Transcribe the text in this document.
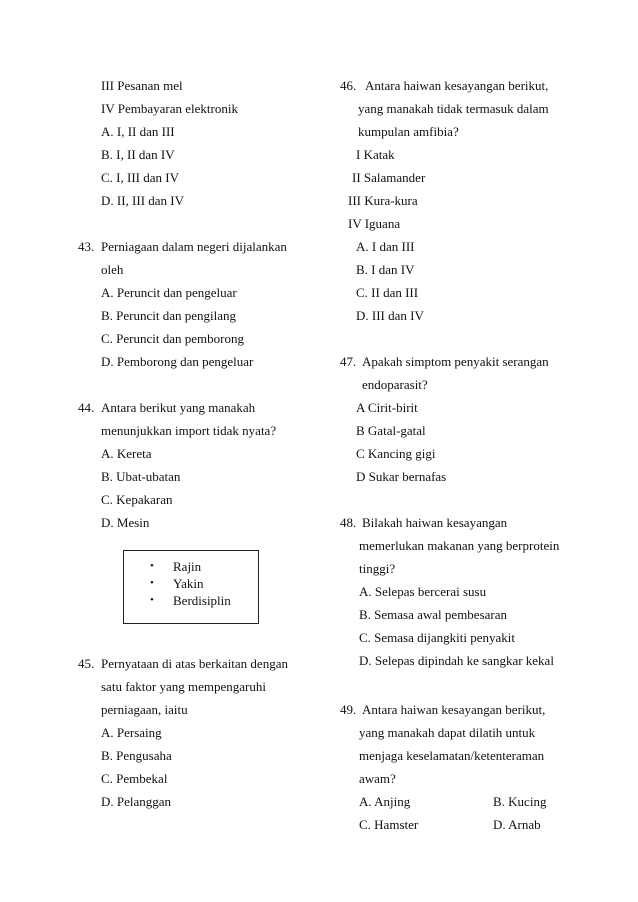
III Pesanan mel
IV Pembayaran elektronik
A. I, II dan III
B. I, II dan IV
C. I, III dan IV
D. II, III dan IV
43. Perniagaan dalam negeri dijalankan
oleh
A. Peruncit dan pengeluar
B. Peruncit dan pengilang
C. Peruncit dan pemborong
D. Pemborong dan pengeluar
44. Antara berikut yang manakah
menunjukkan import tidak nyata?
A. Kereta
B. Ubat-ubatan
C. Kepakaran
D. Mesin
• Rajin
• Yakin
• Berdisiplin
45. Pernyataan di atas berkaitan dengan
satu faktor yang mempengaruhi
perniagaan, iaitu
A. Persaing
B. Pengusaha
C. Pembekal
D. Pelanggan
46. Antara haiwan kesayangan berikut,
yang manakah tidak termasuk dalam
kumpulan amfibia?
I Katak
II Salamander
III Kura-kura
IV Iguana
A. I dan III
B. I dan IV
C. II dan III
D. III dan IV
47. Apakah simptom penyakit serangan
endoparasit?
A Cirit-birit
B Gatal-gatal
C Kancing gigi
D Sukar bernafas
48. Bilakah haiwan kesayangan
memerlukan makanan yang berprotein
tinggi?
A. Selepas bercerai susu
B. Semasa awal pembesaran
C. Semasa dijangkiti penyakit
D. Selepas dipindah ke sangkar kekal
49. Antara haiwan kesayangan berikut,
yang manakah dapat dilatih untuk
menjaga keselamatan/ketenteraman
awam?
A. Anjing	B. Kucing
C. Hamster	D. Arnab
